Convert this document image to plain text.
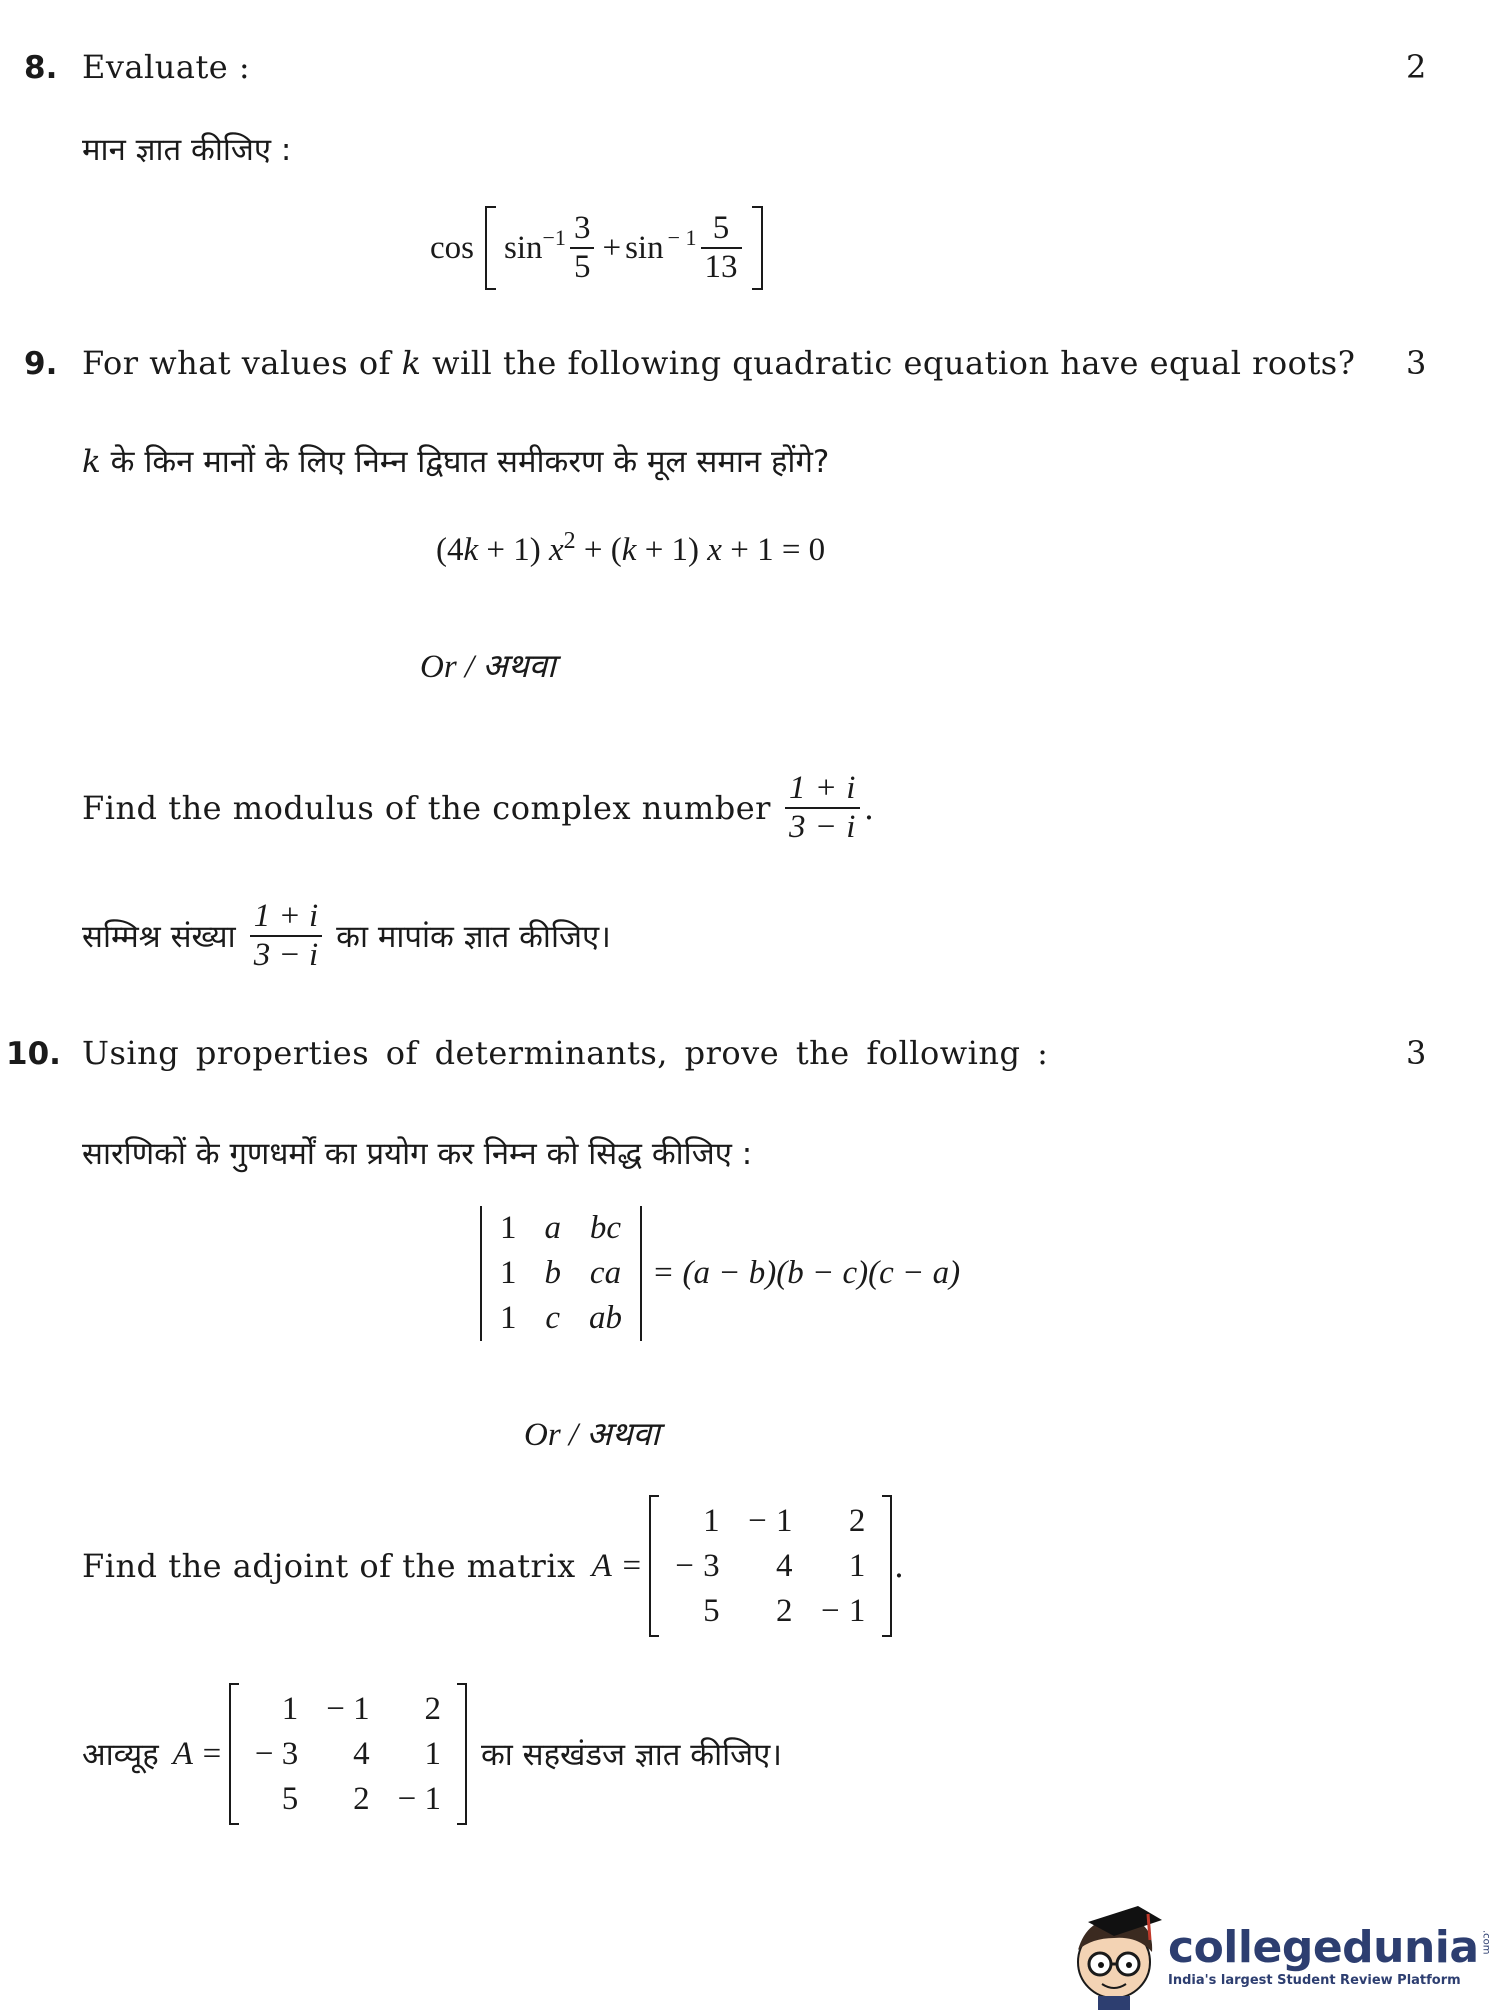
8. Evaluate :	2
मान ज्ञात कीजिए :
$\cos \sin^{-1} \frac{3}{5} + \sin^{- 1} \frac{5}{13}$
9. For what values of k will the following quadratic equation have equal roots? 3
k के किन मानों के लिए निम्न द्विघात समीकरण के मूल समान होंगे?
(4k + 1) $x^2 + (k + 1) x + 1 = 0$
Or / अथवा
Find the modulus of the complex number $\frac{1 + i}{3 - i}$ .
सम्मिश्र संख्या $\frac{1 + i}{3 - i}$ का मापांक ज्ञात कीजिए।
10. Using properties of determinants, prove the following :	3
सारणिकों के गुणधर्मों का प्रयोग कर निम्न को सिद्ध कीजिए :
1	a	bc
1	b	ca
1	c	ab
= (a − b)(b − c)(c − a)
Or / अथवा
Find the adjoint of the matrix A =
1	− 1	2
− 3	4	1
5	2	− 1
.
आव्यूह A =
1	− 1	2
− 3	4	1
5	2	− 1
का सहखंडज ज्ञात कीजिए।
collegedunia .com
India's largest Student Review Platform
